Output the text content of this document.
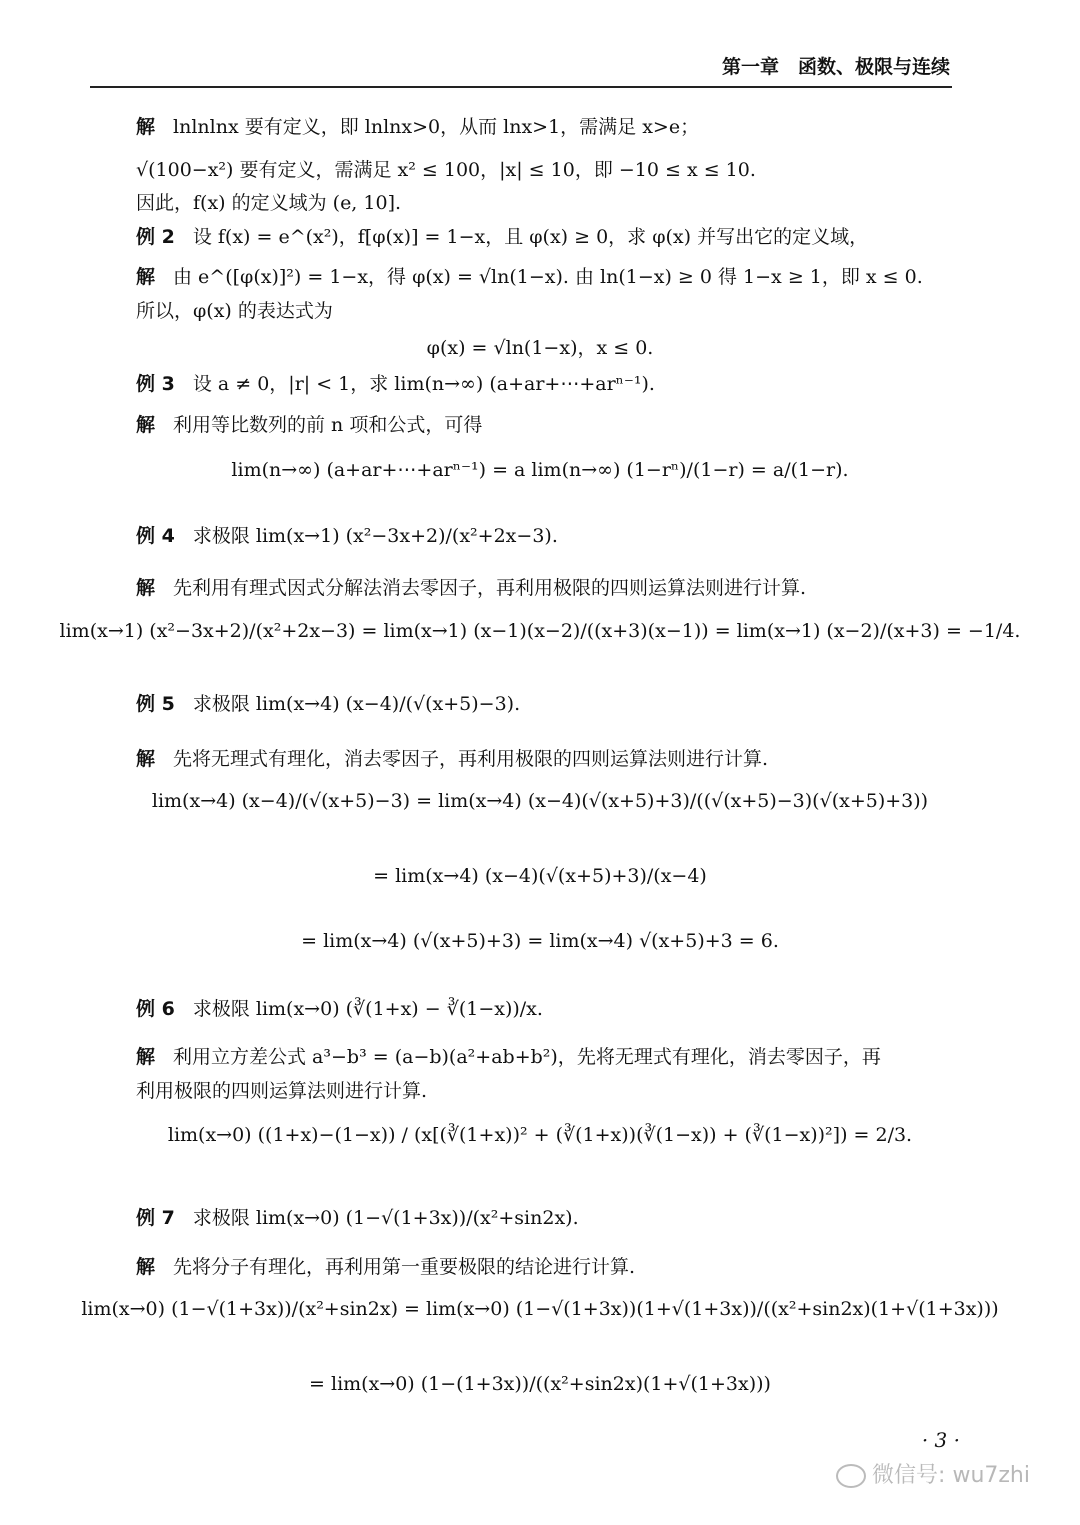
第一章　函数、极限与连续
解 lnlnlnx 要有定义，即 lnlnx>0，从而 lnx>1，需满足 x>e；
√(100−x²) 要有定义，需满足 x² ≤ 100，|x| ≤ 10，即 −10 ≤ x ≤ 10.
因此，f(x) 的定义域为 (e, 10].
例 2 设 f(x) = e^(x²)，f[φ(x)] = 1−x，且 φ(x) ≥ 0，求 φ(x) 并写出它的定义域，
解 由 e^([φ(x)]²) = 1−x，得 φ(x) = √ln(1−x). 由 ln(1−x) ≥ 0 得 1−x ≥ 1，即 x ≤ 0.
所以，φ(x) 的表达式为
φ(x) = √ln(1−x)，x ≤ 0.
例 3 设 a ≠ 0，|r| < 1，求 lim(n→∞) (a+ar+⋯+arⁿ⁻¹).
解 利用等比数列的前 n 项和公式，可得
lim(n→∞) (a+ar+⋯+arⁿ⁻¹) = a lim(n→∞) (1−rⁿ)/(1−r) = a/(1−r).
例 4 求极限 lim(x→1) (x²−3x+2)/(x²+2x−3).
解 先利用有理式因式分解法消去零因子，再利用极限的四则运算法则进行计算.
lim(x→1) (x²−3x+2)/(x²+2x−3) = lim(x→1) (x−1)(x−2)/((x+3)(x−1)) = lim(x→1) (x−2)/(x+3) = −1/4.
例 5 求极限 lim(x→4) (x−4)/(√(x+5)−3).
解 先将无理式有理化，消去零因子，再利用极限的四则运算法则进行计算.
lim(x→4) (x−4)/(√(x+5)−3) = lim(x→4) (x−4)(√(x+5)+3)/((√(x+5)−3)(√(x+5)+3))
= lim(x→4) (x−4)(√(x+5)+3)/(x−4)
= lim(x→4) (√(x+5)+3) = lim(x→4) √(x+5)+3 = 6.
例 6 求极限 lim(x→0) (∛(1+x) − ∛(1−x))/x.
解 利用立方差公式 a³−b³ = (a−b)(a²+ab+b²)，先将无理式有理化，消去零因子，再
利用极限的四则运算法则进行计算.
lim(x→0) ((1+x)−(1−x)) / (x[(∛(1+x))² + (∛(1+x))(∛(1−x)) + (∛(1−x))²]) = 2/3.
例 7 求极限 lim(x→0) (1−√(1+3x))/(x²+sin2x).
解 先将分子有理化，再利用第一重要极限的结论进行计算.
lim(x→0) (1−√(1+3x))/(x²+sin2x) = lim(x→0) (1−√(1+3x))(1+√(1+3x))/((x²+sin2x)(1+√(1+3x)))
= lim(x→0) (1−(1+3x))/((x²+sin2x)(1+√(1+3x)))
· 3 ·
微信号: wu7zhi
